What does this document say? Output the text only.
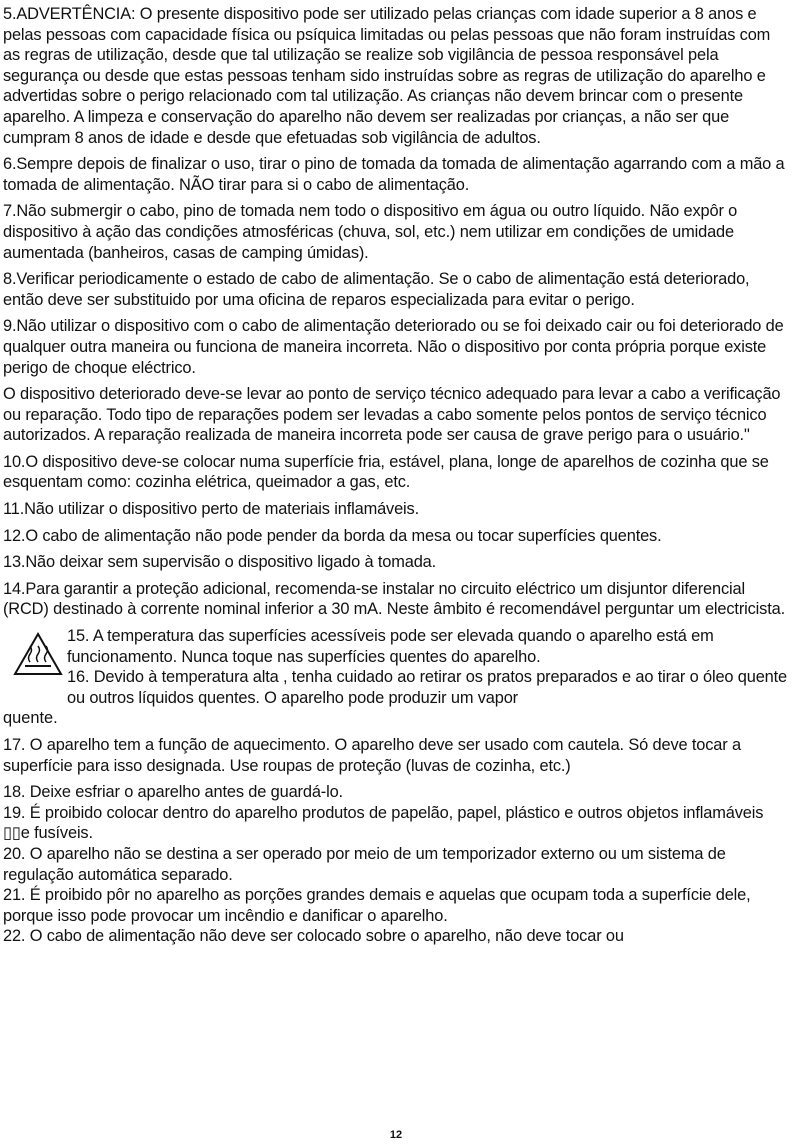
5.ADVERTÊNCIA: O presente dispositivo pode ser utilizado pelas crianças com idade superior a 8 anos e pelas pessoas com capacidade física ou psíquica limitadas ou pelas pessoas que não foram instruídas com as regras de utilização, desde que tal utilização se realize sob vigilância de pessoa responsável pela segurança ou desde que estas pessoas tenham sido instruídas sobre as regras de utilização do aparelho e advertidas sobre o perigo relacionado com tal utilização. As crianças não devem brincar com o presente aparelho. A limpeza e conservação do aparelho não devem ser realizadas por crianças, a não ser que cumpram 8 anos de idade e desde que efetuadas sob vigilância de adultos.

6.Sempre depois de finalizar o uso, tirar o pino de tomada da tomada de alimentação agarrando com a mão a tomada de alimentação. NÃO tirar para si o cabo de alimentação.

7.Não submergir o cabo, pino de tomada nem todo o dispositivo em água ou outro líquido. Não expôr o dispositivo à ação das condições atmosféricas (chuva, sol, etc.) nem utilizar em condições de umidade aumentada (banheiros, casas de camping úmidas).

8.Verificar periodicamente o estado de cabo de alimentação. Se o cabo de alimentação está deteriorado, então deve ser substituido por uma oficina de reparos especializada para evitar o perigo.

9.Não utilizar o dispositivo com o cabo de alimentação deteriorado ou se foi deixado cair ou foi deteriorado de qualquer outra maneira ou funciona de maneira incorreta. Não o dispositivo por conta própria porque existe perigo de choque eléctrico.

O dispositivo deteriorado deve-se levar ao ponto de serviço técnico adequado para levar a cabo a verificação ou reparação. Todo tipo de reparações podem ser levadas a cabo somente pelos pontos de serviço técnico autorizados. A reparação realizada de maneira incorreta pode ser causa de grave perigo para o usuário."

10.O dispositivo deve-se colocar numa superfície fria, estável, plana, longe de aparelhos de cozinha que se esquentam como: cozinha elétrica, queimador a gas, etc.

11.Não utilizar o dispositivo perto de materiais inflamáveis.

12.O cabo de alimentação não pode pender da borda da mesa ou tocar superfícies quentes.

13.Não deixar sem supervisão o dispositivo ligado à tomada.

14.Para garantir a proteção adicional, recomenda-se instalar no circuito eléctrico um disjuntor diferencial (RCD) destinado à corrente nominal inferior a 30 mA. Neste âmbito é recomendável perguntar um electricista.

15. A temperatura das superfícies acessíveis pode ser elevada quando o aparelho está em funcionamento. Nunca toque nas superfícies quentes do aparelho.
16. Devido à temperatura alta , tenha cuidado ao retirar os pratos preparados e ao tirar o óleo quente ou outros líquidos quentes. O aparelho pode produzir um vapor

quente.

17. O aparelho tem a função de aquecimento. O aparelho deve ser usado com cautela. Só deve tocar a superfície para isso designada. Use roupas de proteção (luvas de cozinha, etc.)

18. Deixe esfriar o aparelho antes de guardá-lo.

19. É proibido colocar dentro do aparelho produtos de papelão, papel, plástico e outros objetos inflamáveis ▯▯e fusíveis.

20. O aparelho não se destina a ser operado por meio de um temporizador externo ou um sistema de regulação automática separado.

21. É proibido pôr no aparelho as porções grandes demais e aquelas que ocupam toda a superfície dele, porque isso pode provocar um incêndio e danificar o aparelho.

22. O cabo de alimentação não deve ser colocado sobre o aparelho, não deve tocar ou

12
